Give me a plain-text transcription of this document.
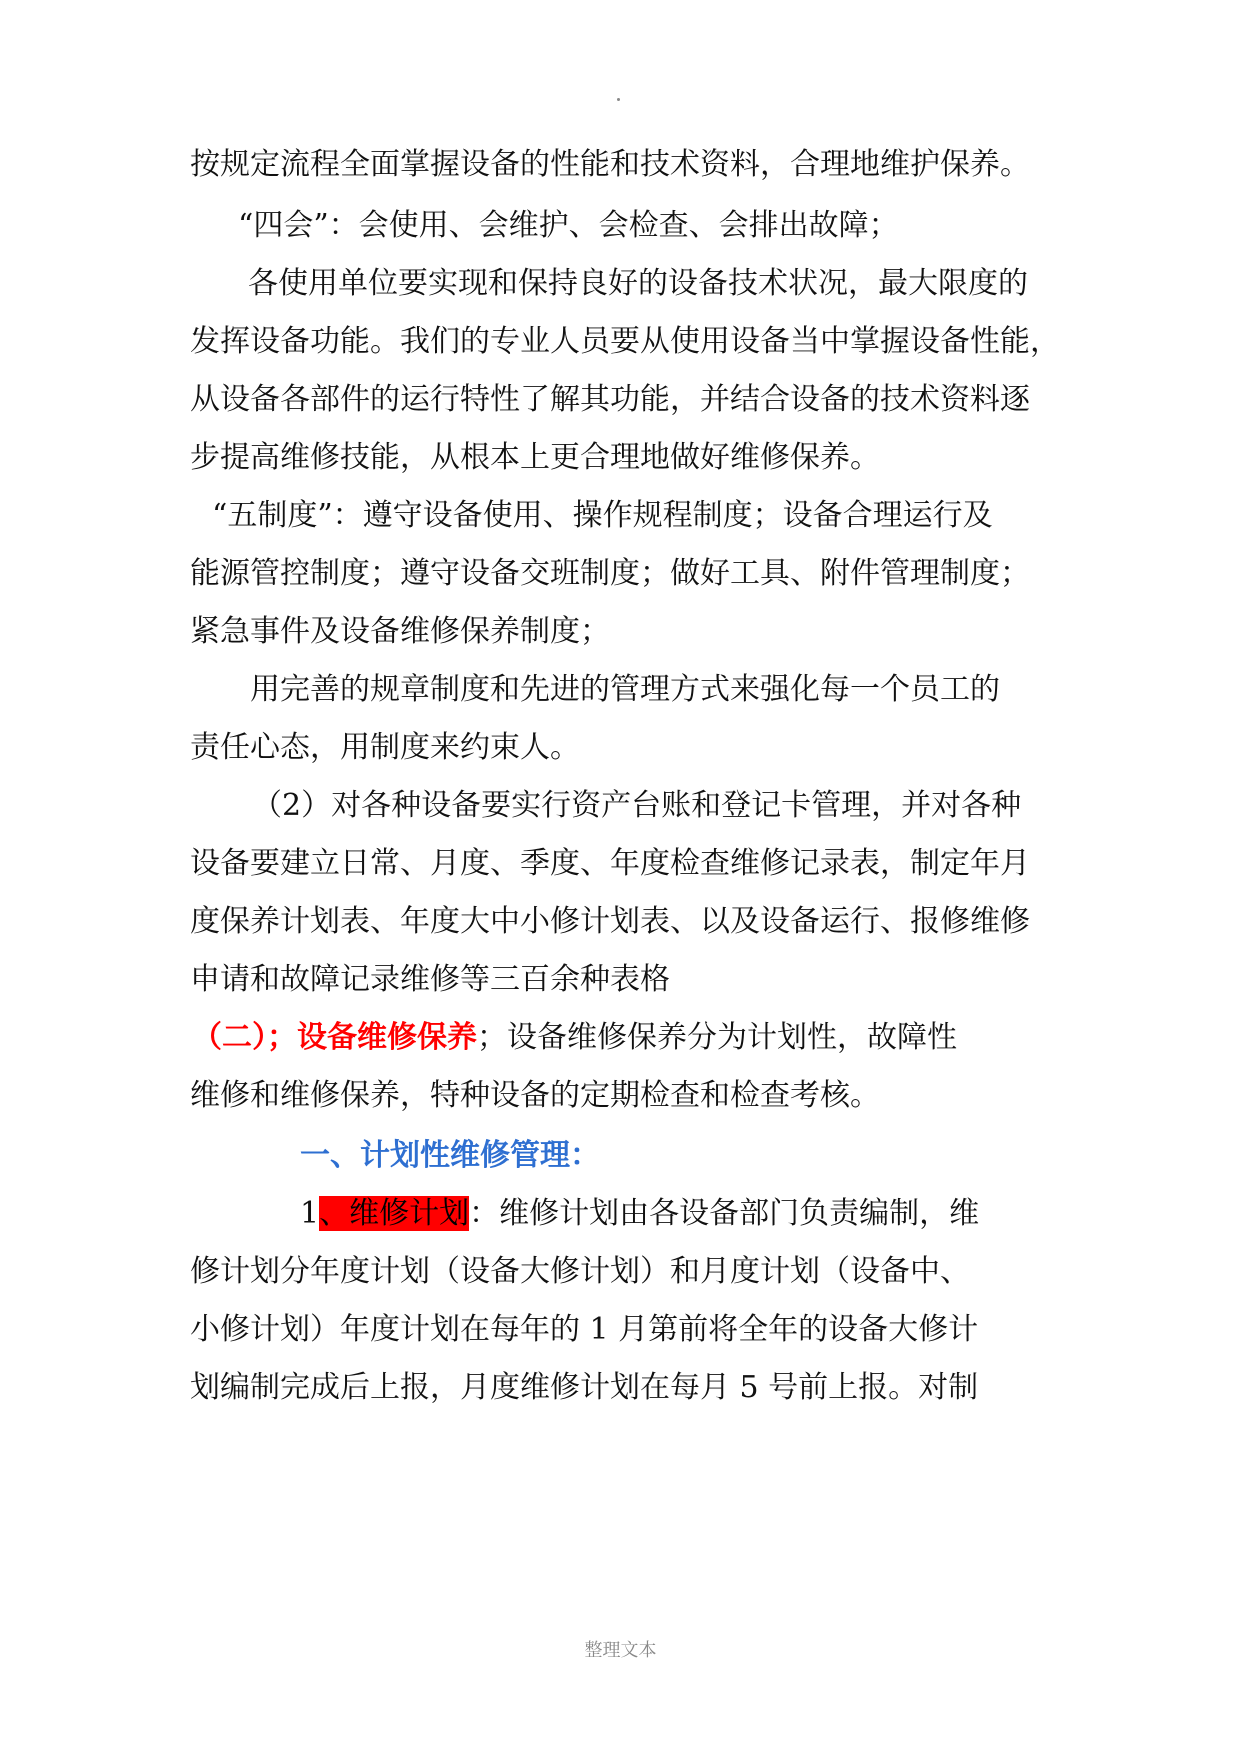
按规定流程全面掌握设备的性能和技术资料，合理地维护保养。
“四会”：会使用、会维护、会检查、会排出故障；
各使用单位要实现和保持良好的设备技术状况，最大限度的
发挥设备功能。我们的专业人员要从使用设备当中掌握设备性能，
从设备各部件的运行特性了解其功能，并结合设备的技术资料逐
步提高维修技能，从根本上更合理地做好维修保养。
“五制度”：遵守设备使用、操作规程制度；设备合理运行及
能源管控制度；遵守设备交班制度；做好工具、附件管理制度；
紧急事件及设备维修保养制度；
用完善的规章制度和先进的管理方式来强化每一个员工的
责任心态，用制度来约束人。
（2）对各种设备要实行资产台账和登记卡管理，并对各种
设备要建立日常、月度、季度、年度检查维修记录表，制定年月
度保养计划表、年度大中小修计划表、以及设备运行、报修维修
申请和故障记录维修等三百余种表格
（二）；设备维修保养；设备维修保养分为计划性，故障性
维修和维修保养，特种设备的定期检查和检查考核。
一、计划性维修管理：
1、维修计划：维修计划由各设备部门负责编制，维
修计划分年度计划（设备大修计划）和月度计划（设备中、
小修计划）年度计划在每年的 1 月第前将全年的设备大修计
划编制完成后上报，月度维修计划在每月 5 号前上报。对制
整理文本
